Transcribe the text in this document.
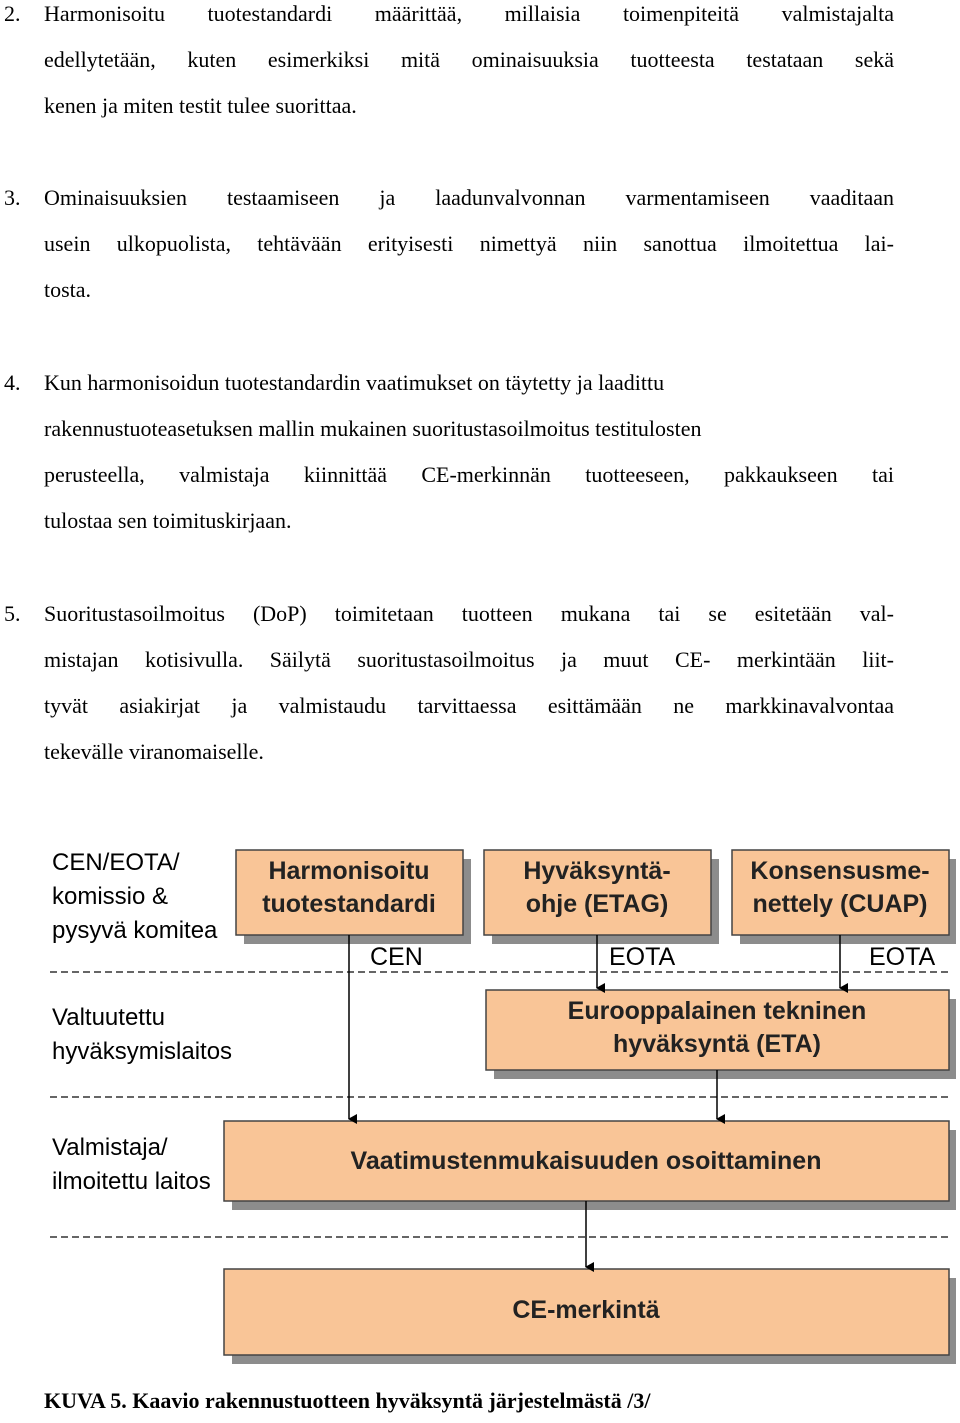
2. Harmonisoitu tuotestandardi määrittää, millaisia toimenpiteitä valmistajalta
edellytetään, kuten esimerkiksi mitä ominaisuuksia tuotteesta testataan sekä
kenen ja miten testit tulee suorittaa.
3. Ominaisuuksien testaamiseen ja laadunvalvonnan varmentamiseen vaaditaan
usein ulkopuolista, tehtävään erityisesti nimettyä niin sanottua ilmoitettua lai-
tosta.
4. Kun harmonisoidun tuotestandardin vaatimukset on täytetty ja laadittu
rakennustuoteasetuksen mallin mukainen suoritustasoilmoitus testitulosten
perusteella, valmistaja kiinnittää CE-merkinnän tuotteeseen, pakkaukseen tai
tulostaa sen toimituskirjaan.
5. Suoritustasoilmoitus (DoP) toimitetaan tuotteen mukana tai se esitetään val-
mistajan kotisivulla. Säilytä suoritustasoilmoitus ja muut CE- merkintään liit-
tyvät asiakirjat ja valmistaudu tarvittaessa esittämään ne markkinavalvontaa
tekevälle viranomaiselle.
CEN/EOTA/
komissio &
pysyvä komitea
Valtuutettu
hyväksymislaitos
Valmistaja/
ilmoitettu laitos
Harmonisoitu
tuotestandardi
Hyväksyntä-
ohje (ETAG)
Konsensusme-
nettely (CUAP)
Eurooppalainen tekninen
hyväksyntä (ETA)
Vaatimustenmukaisuuden osoittaminen
CE-merkintä
CEN	EOTA	EOTA
KUVA 5. Kaavio rakennustuotteen hyväksyntä järjestelmästä /3/
